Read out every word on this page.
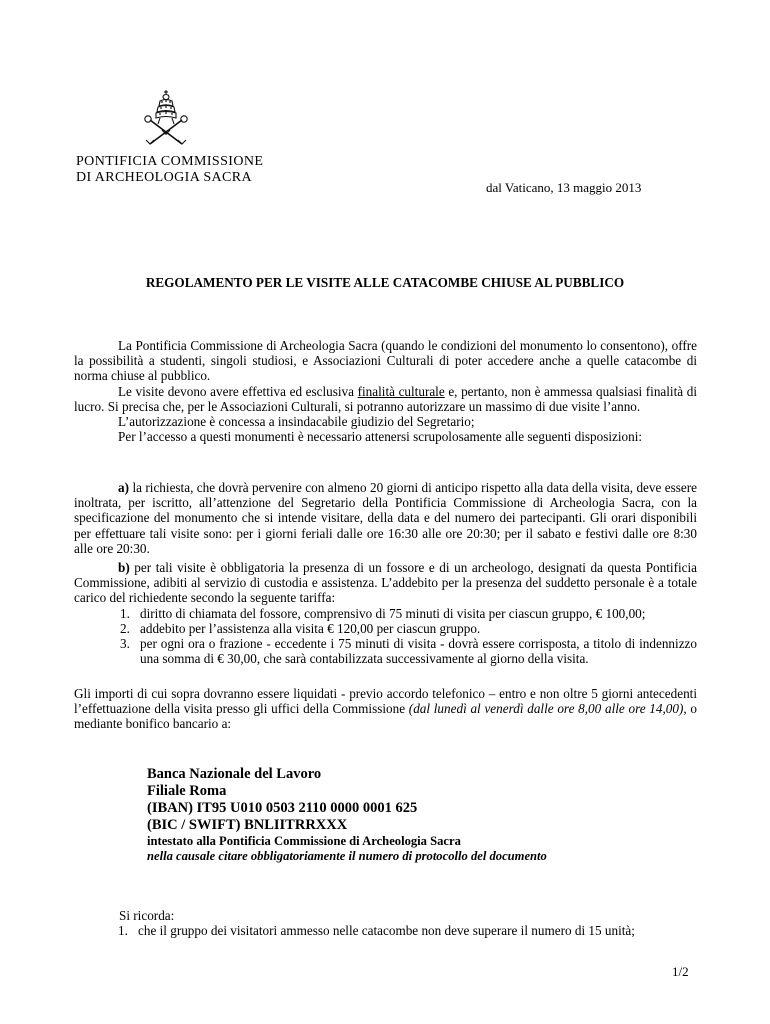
PONTIFICIA COMMISSIONE
DI ARCHEOLOGIA SACRA
dal Vaticano, 13 maggio 2013
REGOLAMENTO PER LE VISITE ALLE CATACOMBE CHIUSE AL PUBBLICO

La Pontificia Commissione di Archeologia Sacra (quando le condizioni del monumento lo consentono), offre la possibilità a studenti, singoli studiosi, e Associazioni Culturali di poter accedere anche a quelle catacombe di norma chiuse al pubblico.

Le visite devono avere effettiva ed esclusiva finalità culturale e, pertanto, non è ammessa qualsiasi finalità di lucro. Si precisa che, per le Associazioni Culturali, si potranno autorizzare un massimo di due visite l’anno.

L’autorizzazione è concessa a insindacabile giudizio del Segretario;

Per l’accesso a questi monumenti è necessario attenersi scrupolosamente alle seguenti disposizioni:

a) la richiesta, che dovrà pervenire con almeno 20 giorni di anticipo rispetto alla data della visita, deve essere inoltrata, per iscritto, all’attenzione del Segretario della Pontificia Commissione di Archeologia Sacra, con la specificazione del monumento che si intende visitare, della data e del numero dei partecipanti. Gli orari disponibili per effettuare tali visite sono: per i giorni feriali dalle ore 16:30 alle ore 20:30; per il sabato e festivi dalle ore 8:30 alle ore 20:30.

b) per tali visite è obbligatoria la presenza di un fossore e di un archeologo, designati da questa Pontificia Commissione, adibiti al servizio di custodia e assistenza. L’addebito per la presenza del suddetto personale è a totale carico del richiedente secondo la seguente tariffa:

1. diritto di chiamata del fossore, comprensivo di 75 minuti di visita per ciascun gruppo, € 100,00;
2. addebito per l’assistenza alla visita € 120,00 per ciascun gruppo.
3. per ogni ora o frazione - eccedente i 75 minuti di visita - dovrà essere corrisposta, a titolo di indennizzo una somma di € 30,00, che sarà contabilizzata successivamente al giorno della visita.

Gli importi di cui sopra dovranno essere liquidati - previo accordo telefonico – entro e non oltre 5 giorni antecedenti l’effettuazione della visita presso gli uffici della Commissione (dal lunedì al venerdì dalle ore 8,00 alle ore 14,00), o mediante bonifico bancario a:

Banca Nazionale del Lavoro
Filiale Roma
(IBAN) IT95 U010 0503 2110 0000 0001 625
(BIC / SWIFT) BNLIITRRXXX
intestato alla Pontificia Commissione di Archeologia Sacra
nella causale citare obbligatoriamente il numero di protocollo del documento
Si ricorda:
1. che il gruppo dei visitatori ammesso nelle catacombe non deve superare il numero di 15 unità;
1/2
